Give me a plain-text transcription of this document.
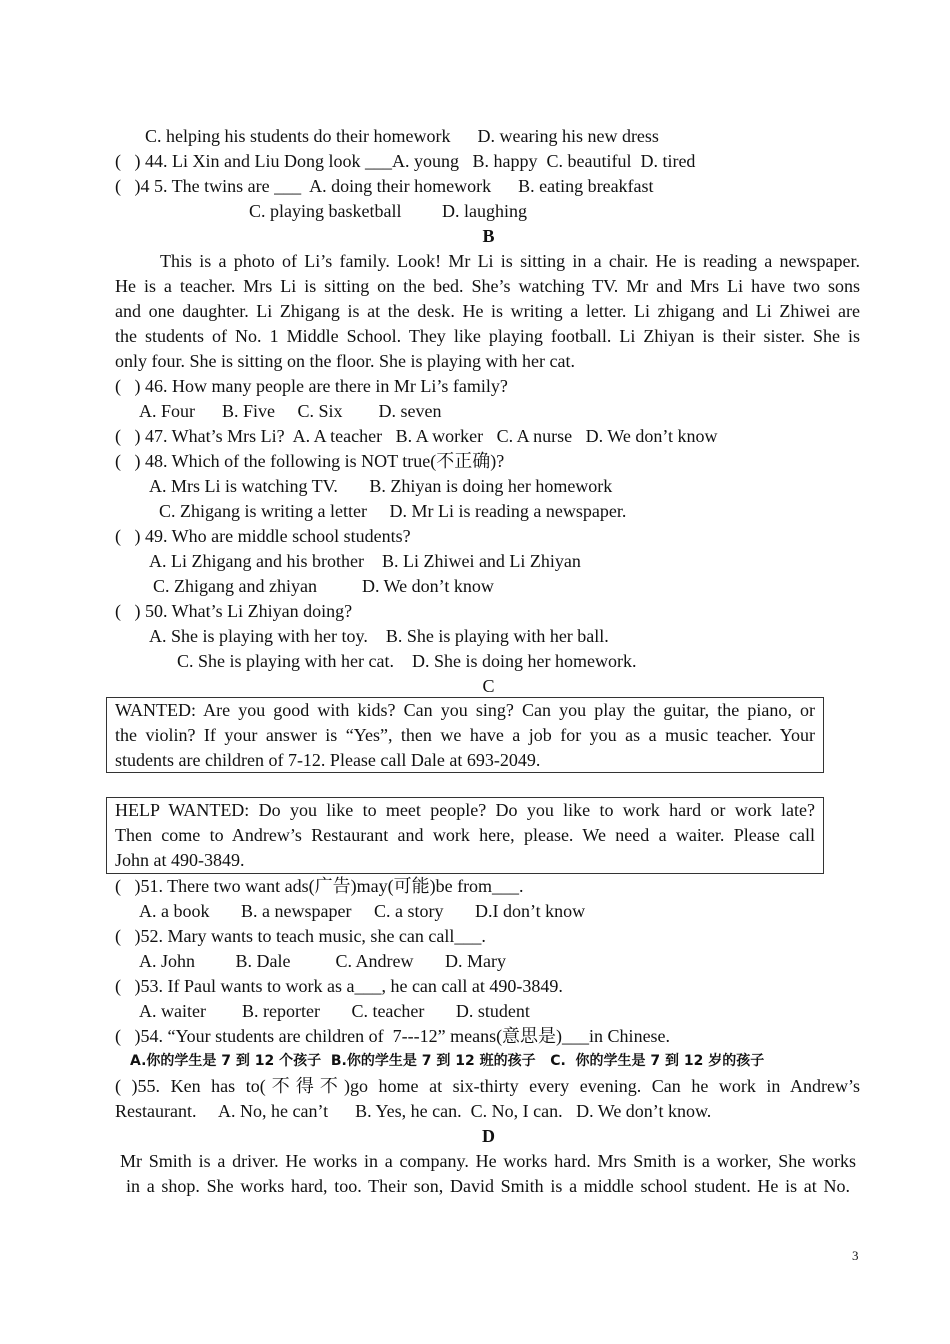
C. helping his students do their homework      D. wearing his new dress
(   ) 44. Li Xin and Liu Dong look ___A. young   B. happy  C. beautiful  D. tired
(   )4 5. The twins are ___  A. doing their homework      B. eating breakfast
C. playing basketball         D. laughing
B
This is a photo of Li’s family. Look! Mr Li is sitting in a chair. He is reading a newspaper.
He is a teacher. Mrs Li is sitting on the bed. She’s watching TV. Mr and Mrs Li have two sons
and one daughter. Li Zhigang is at the desk. He is writing a letter. Li zhigang and Li Zhiwei are
the students of No. 1 Middle School. They like playing football. Li Zhiyan is their sister. She is
only four. She is sitting on the floor. She is playing with her cat.
(   ) 46. How many people are there in Mr Li’s family?
A. Four      B. Five     C. Six        D. seven
(   ) 47. What’s Mrs Li?  A. A teacher   B. A worker   C. A nurse   D. We don’t know
(   ) 48. Which of the following is NOT true(不正确)?
A. Mrs Li is watching TV.       B. Zhiyan is doing her homework
C. Zhigang is writing a letter     D. Mr Li is reading a newspaper.
(   ) 49. Who are middle school students?
A. Li Zhigang and his brother    B. Li Zhiwei and Li Zhiyan
C. Zhigang and zhiyan          D. We don’t know
(   ) 50. What’s Li Zhiyan doing?
A. She is playing with her toy.    B. She is playing with her ball.
C. She is playing with her cat.    D. She is doing her homework.
C
WANTED: Are you good with kids? Can you sing? Can you play the guitar, the piano, or
the violin? If your answer is “Yes”, then we have a job for you as a music teacher. Your
students are children of 7-12. Please call Dale at 693-2049.
HELP WANTED: Do you like to meet people? Do you like to work hard or work late?
Then come to Andrew’s Restaurant and work here, please. We need a waiter. Please call
John at 490-3849.
(   )51. There two want ads(广告)may(可能)be from___.
A. a book       B. a newspaper     C. a story       D.I don’t know
(   )52. Mary wants to teach music, she can call___.
A. John         B. Dale          C. Andrew       D. Mary
(   )53. If Paul wants to work as a___, he can call at 490-3849.
A. waiter        B. reporter       C. teacher       D. student
(   )54. “Your students are children of  7---12” means(意思是)___in Chinese.
A.你的学生是 7 到 12 个孩子  B.你的学生是 7 到 12 班的孩子   C.  你的学生是 7 到 12 岁的孩子
( )55. Ken has to(不得不)go home at six-thirty every evening. Can he work in Andrew’s
Restaurant.     A. No, he can’t      B. Yes, he can.  C. No, I can.   D. We don’t know.
D
Mr Smith is a driver. He works in a company. He works hard. Mrs Smith is a worker, She works
in a shop. She works hard, too. Their son, David Smith is a middle school student. He is at No.
3
